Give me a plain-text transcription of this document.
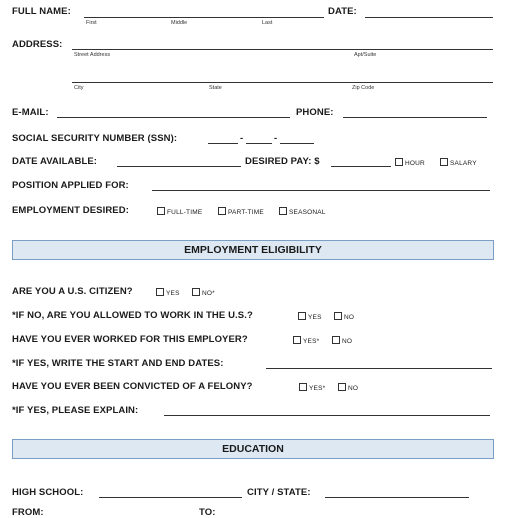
FULL NAME:
First	Middle	Last
DATE:
ADDRESS:
Street Address	Apt/Suite
City	State	Zip Code
E-MAIL:	PHONE:
SOCIAL SECURITY NUMBER (SSN):	-	-
DATE AVAILABLE:	DESIRED PAY: $	HOUR	SALARY
POSITION APPLIED FOR:
EMPLOYMENT DESIRED:	FULL-TIME	PART-TIME	SEASONAL
EMPLOYMENT ELIGIBILITY
ARE YOU A U.S. CITIZEN?	YES	NO*
*IF NO, ARE YOU ALLOWED TO WORK IN THE U.S.?	YES	NO
HAVE YOU EVER WORKED FOR THIS EMPLOYER?	YES*	NO
*IF YES, WRITE THE START AND END DATES:
HAVE YOU EVER BEEN CONVICTED OF A FELONY?	YES*	NO
*IF YES, PLEASE EXPLAIN:
EDUCATION
HIGH SCHOOL:	CITY / STATE:
FROM:	TO:
